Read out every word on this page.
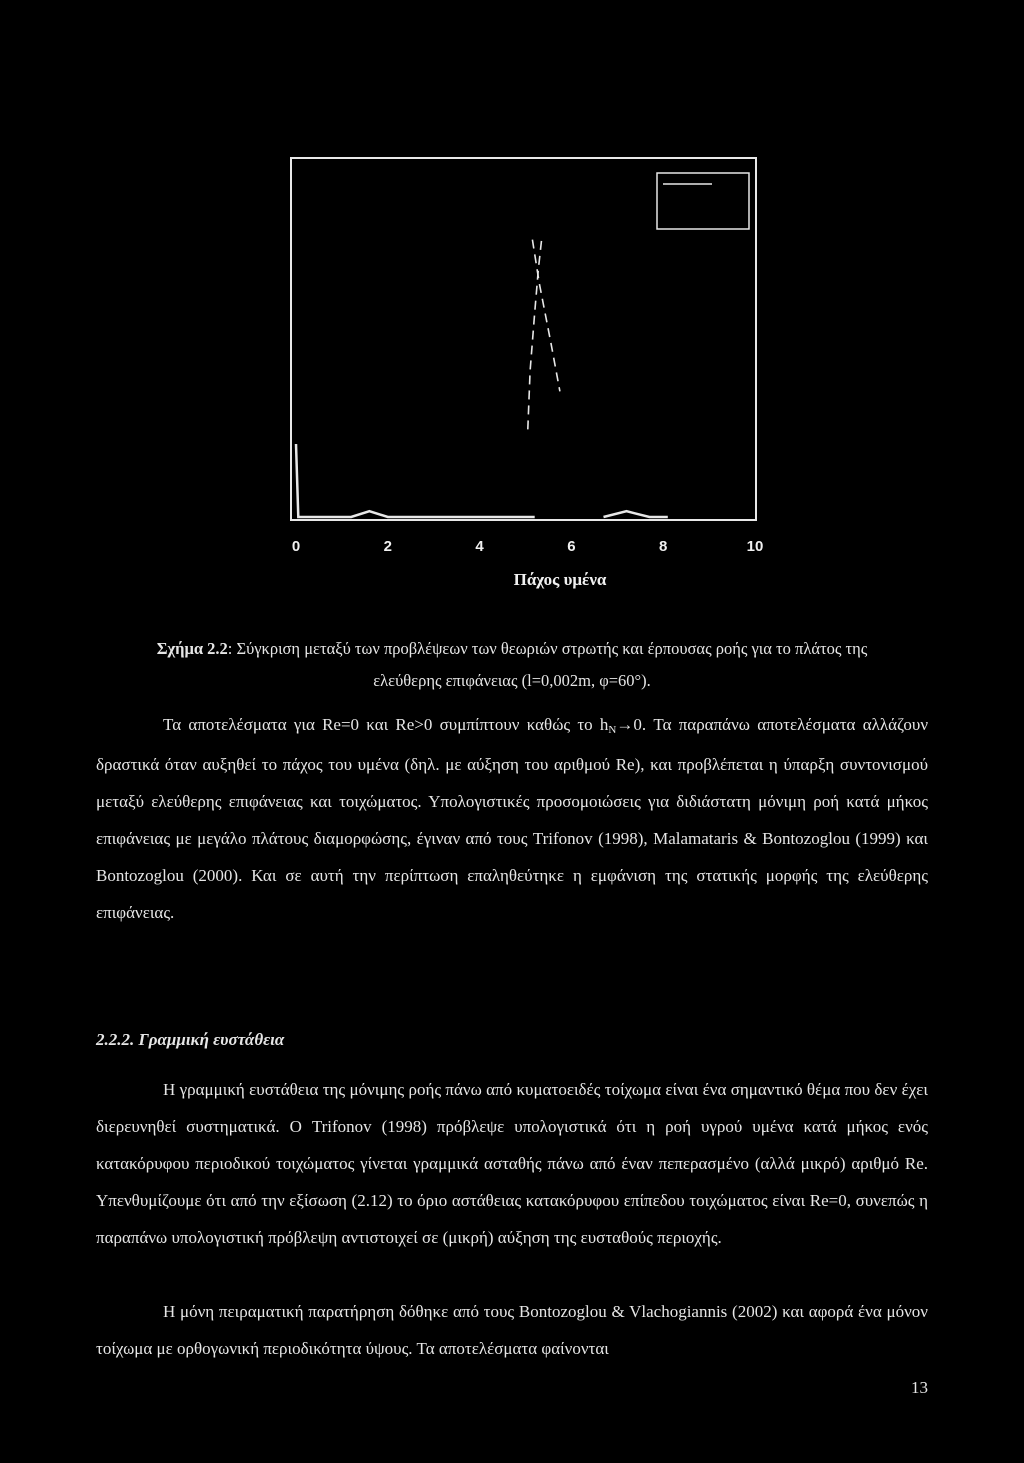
0	2	4	6	8	10
Πάχος υμένα
Σχήμα 2.2: Σύγκριση μεταξύ των προβλέψεων των θεωριών στρωτής και έρπουσας ροής για το πλάτος της
ελεύθερης επιφάνειας (l=0,002m, φ=60°).
Τα αποτελέσματα για Re=0 και Re>0 συμπίπτουν καθώς το $h_N\to 0$. Τα παραπάνω αποτελέσματα αλλάζουν δραστικά όταν αυξηθεί το πάχος του υμένα (δηλ. με αύξηση του αριθμού Re), και προβλέπεται η ύπαρξη συντονισμού μεταξύ ελεύθερης επιφάνειας και τοιχώματος. Υπολογιστικές προσομοιώσεις για διδιάστατη μόνιμη ροή κατά μήκος επιφάνειας με μεγάλο πλάτους διαμορφώσης, έγιναν από τους Trifonov (1998), Malamataris & Bontozoglou (1999) και Bontozoglou (2000). Και σε αυτή την περίπτωση επαληθεύτηκε η εμφάνιση της στατικής μορφής της ελεύθερης επιφάνειας.
2.2.2. Γραμμική ευστάθεια
Η γραμμική ευστάθεια της μόνιμης ροής πάνω από κυματοειδές τοίχωμα είναι ένα σημαντικό θέμα που δεν έχει διερευνηθεί συστηματικά. Ο Trifonov (1998) πρόβλεψε υπολογιστικά ότι η ροή υγρού υμένα κατά μήκος ενός κατακόρυφου περιοδικού τοιχώματος γίνεται γραμμικά ασταθής πάνω από έναν πεπερασμένο (αλλά μικρό) αριθμό Re. Υπενθυμίζουμε ότι από την εξίσωση (2.12) το όριο αστάθειας κατακόρυφου επίπεδου τοιχώματος είναι Re=0, συνεπώς η παραπάνω υπολογιστική πρόβλεψη αντιστοιχεί σε (μικρή) αύξηση της ευσταθούς περιοχής.
Η μόνη πειραματική παρατήρηση δόθηκε από τους Bontozoglou & Vlachogiannis (2002) και αφορά ένα μόνον τοίχωμα με ορθογωνική περιοδικότητα ύψους. Τα αποτελέσματα φαίνονται
13
